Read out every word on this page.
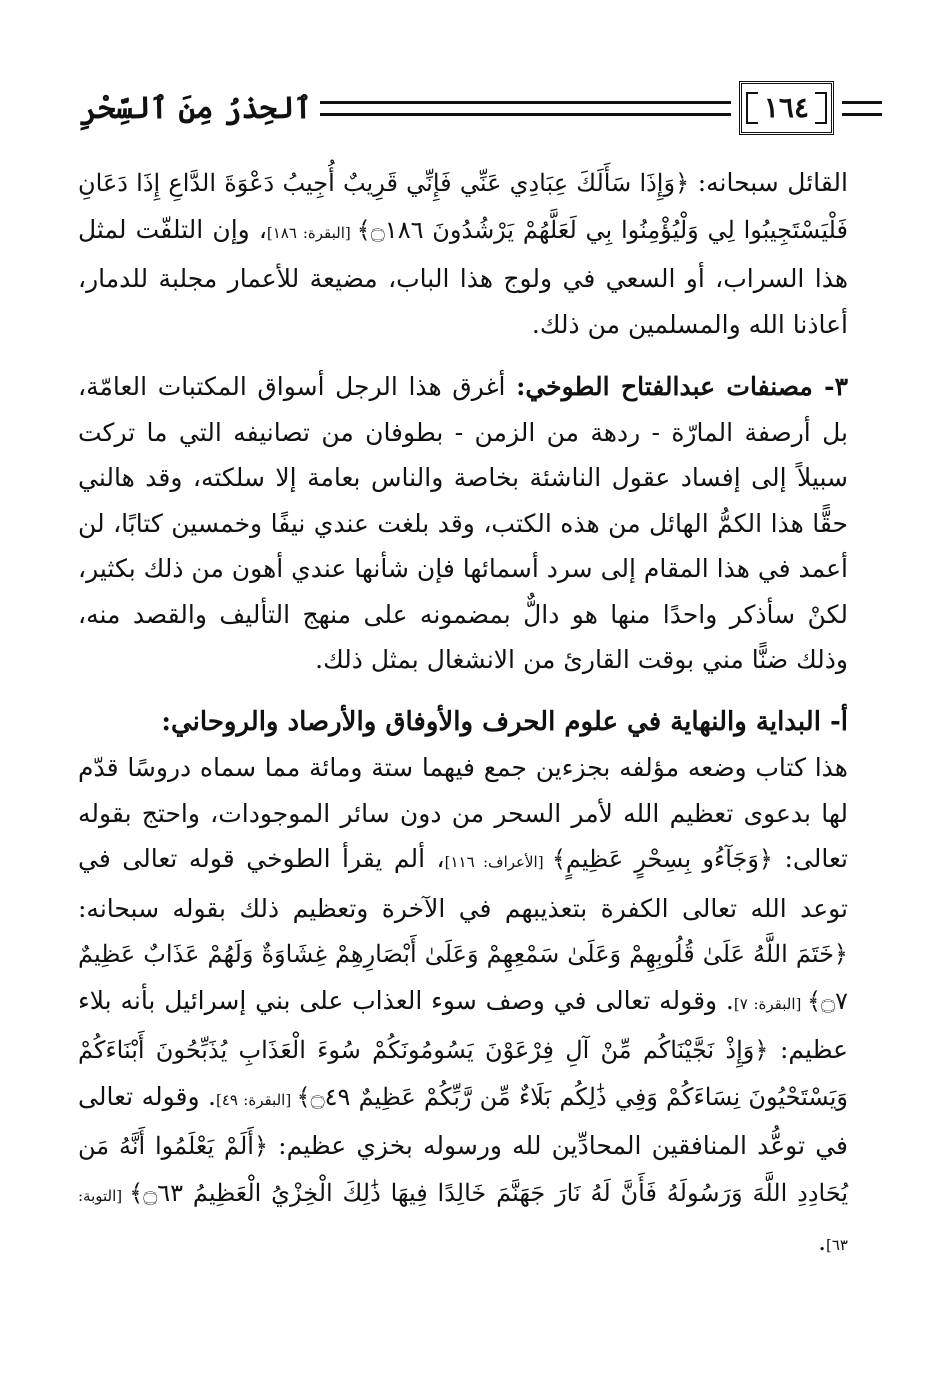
١٦٤
ٱلحِذرُ مِنَ ٱلسِّحْرِ

القائل سبحانه: ﴿وَإِذَا سَأَلَكَ عِبَادِي عَنِّي فَإِنِّي قَرِيبٌ أُجِيبُ دَعْوَةَ الدَّاعِ إِذَا دَعَانِ فَلْيَسْتَجِيبُوا لِي وَلْيُؤْمِنُوا بِي لَعَلَّهُمْ يَرْشُدُونَ ۝١٨٦﴾ [البقرة: ١٨٦]، وإن التلفّت لمثل هذا السراب، أو السعي في ولوج هذا الباب، مضيعة للأعمار مجلبة للدمار، أعاذنا الله والمسلمين من ذلك.

٣- مصنفات عبدالفتاح الطوخي: أغرق هذا الرجل أسواق المكتبات العامّة، بل أرصفة المارّة - ردهة من الزمن - بطوفان من تصانيفه التي ما تركت سبيلاً إلى إفساد عقول الناشئة بخاصة والناس بعامة إلا سلكته، وقد هالني حقًّا هذا الكمُّ الهائل من هذه الكتب، وقد بلغت عندي نيفًا وخمسين كتابًا، لن أعمد في هذا المقام إلى سرد أسمائها فإن شأنها عندي أهون من ذلك بكثير، لكنْ سأذكر واحدًا منها هو دالٌّ بمضمونه على منهج التأليف والقصد منه، وذلك ضنًّا مني بوقت القارئ من الانشغال بمثل ذلك.

أ- البداية والنهاية في علوم الحرف والأوفاق والأرصاد والروحاني:

هذا كتاب وضعه مؤلفه بجزءين جمع فيهما ستة ومائة مما سماه دروسًا قدّم لها بدعوى تعظيم الله لأمر السحر من دون سائر الموجودات، واحتج بقوله تعالى: ﴿وَجَآءُو بِسِحْرٍ عَظِيمٍ﴾ [الأعراف: ١١٦]، ألم يقرأ الطوخي قوله تعالى في توعد الله تعالى الكفرة بتعذيبهم في الآخرة وتعظيم ذلك بقوله سبحانه: ﴿خَتَمَ اللَّهُ عَلَىٰ قُلُوبِهِمْ وَعَلَىٰ سَمْعِهِمْ وَعَلَىٰ أَبْصَارِهِمْ غِشَاوَةٌ وَلَهُمْ عَذَابٌ عَظِيمٌ ۝٧﴾ [البقرة: ٧]. وقوله تعالى في وصف سوء العذاب على بني إسرائيل بأنه بلاء عظيم: ﴿وَإِذْ نَجَّيْنَاكُم مِّنْ آلِ فِرْعَوْنَ يَسُومُونَكُمْ سُوءَ الْعَذَابِ يُذَبِّحُونَ أَبْنَاءَكُمْ وَيَسْتَحْيُونَ نِسَاءَكُمْ وَفِي ذَٰلِكُم بَلَاءٌ مِّن رَّبِّكُمْ عَظِيمٌ ۝٤٩﴾ [البقرة: ٤٩]. وقوله تعالى في توعُّد المنافقين المحادِّين لله ورسوله بخزي عظيم: ﴿أَلَمْ يَعْلَمُوا أَنَّهُ مَن يُحَادِدِ اللَّهَ وَرَسُولَهُ فَأَنَّ لَهُ نَارَ جَهَنَّمَ خَالِدًا فِيهَا ذَٰلِكَ الْخِزْيُ الْعَظِيمُ ۝٦٣﴾ [التوبة: ٦٣].
